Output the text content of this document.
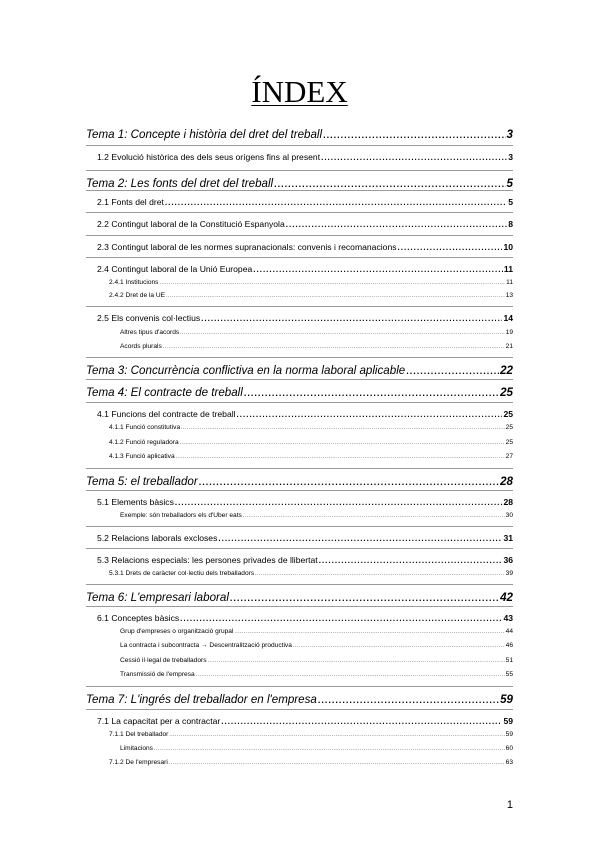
ÍNDEX
Tema 1: Concepte i història del dret del treball .....	3
1.2 Evolució històrica des dels seus orígens fins al present .....	3
Tema 2: Les fonts del dret del treball .....	5
2.1 Fonts del dret .....	5
2.2 Contingut laboral de la Constitució Espanyola .....	8
2.3 Contingut laboral de les normes supranacionals: convenis i recomanacions .....	10
2.4 Contingut laboral de la Unió Europea .....	11
2.4.1 Institucions .....	11
2.4.2 Dret de la UE .....	13
2.5 Els convenis col·lectius .....	14
Altres tipus d'acords .....	19
Acords plurals .....	21
Tema 3: Concurrència conflictiva en la norma laboral aplicable .....	22
Tema 4: El contracte de treball .....	25
4.1 Funcions del contracte de treball .....	25
4.1.1 Funció constitutiva .....	25
4.1.2 Funció reguladora .....	25
4.1.3 Funció aplicativa .....	27
Tema 5: el treballador .....	28
5.1 Elements bàsics .....	28
Exemple: són treballadors els d'Uber eats .....	30
5.2 Relacions laborals excloses .....	31
5.3 Relacions especials: les persones privades de llibertat .....	36
5.3.1 Drets de caràcter col·lectiu dels treballadors .....	39
Tema 6: L'empresari laboral .....	42
6.1 Conceptes bàsics .....	43
Grup d'empreses o organització grupal .....	44
La contracta i subcontracta → Descentralització productiva .....	46
Cessió il·legal de treballadors .....	51
Transmissió de l'empresa .....	55
Tema 7: L'ingrés del treballador en l'empresa .....	59
7.1 La capacitat per a contractar .....	59
7.1.1 Del treballador .....	59
Limitacions .....	60
7.1.2 De l'empresari .....	63
1
